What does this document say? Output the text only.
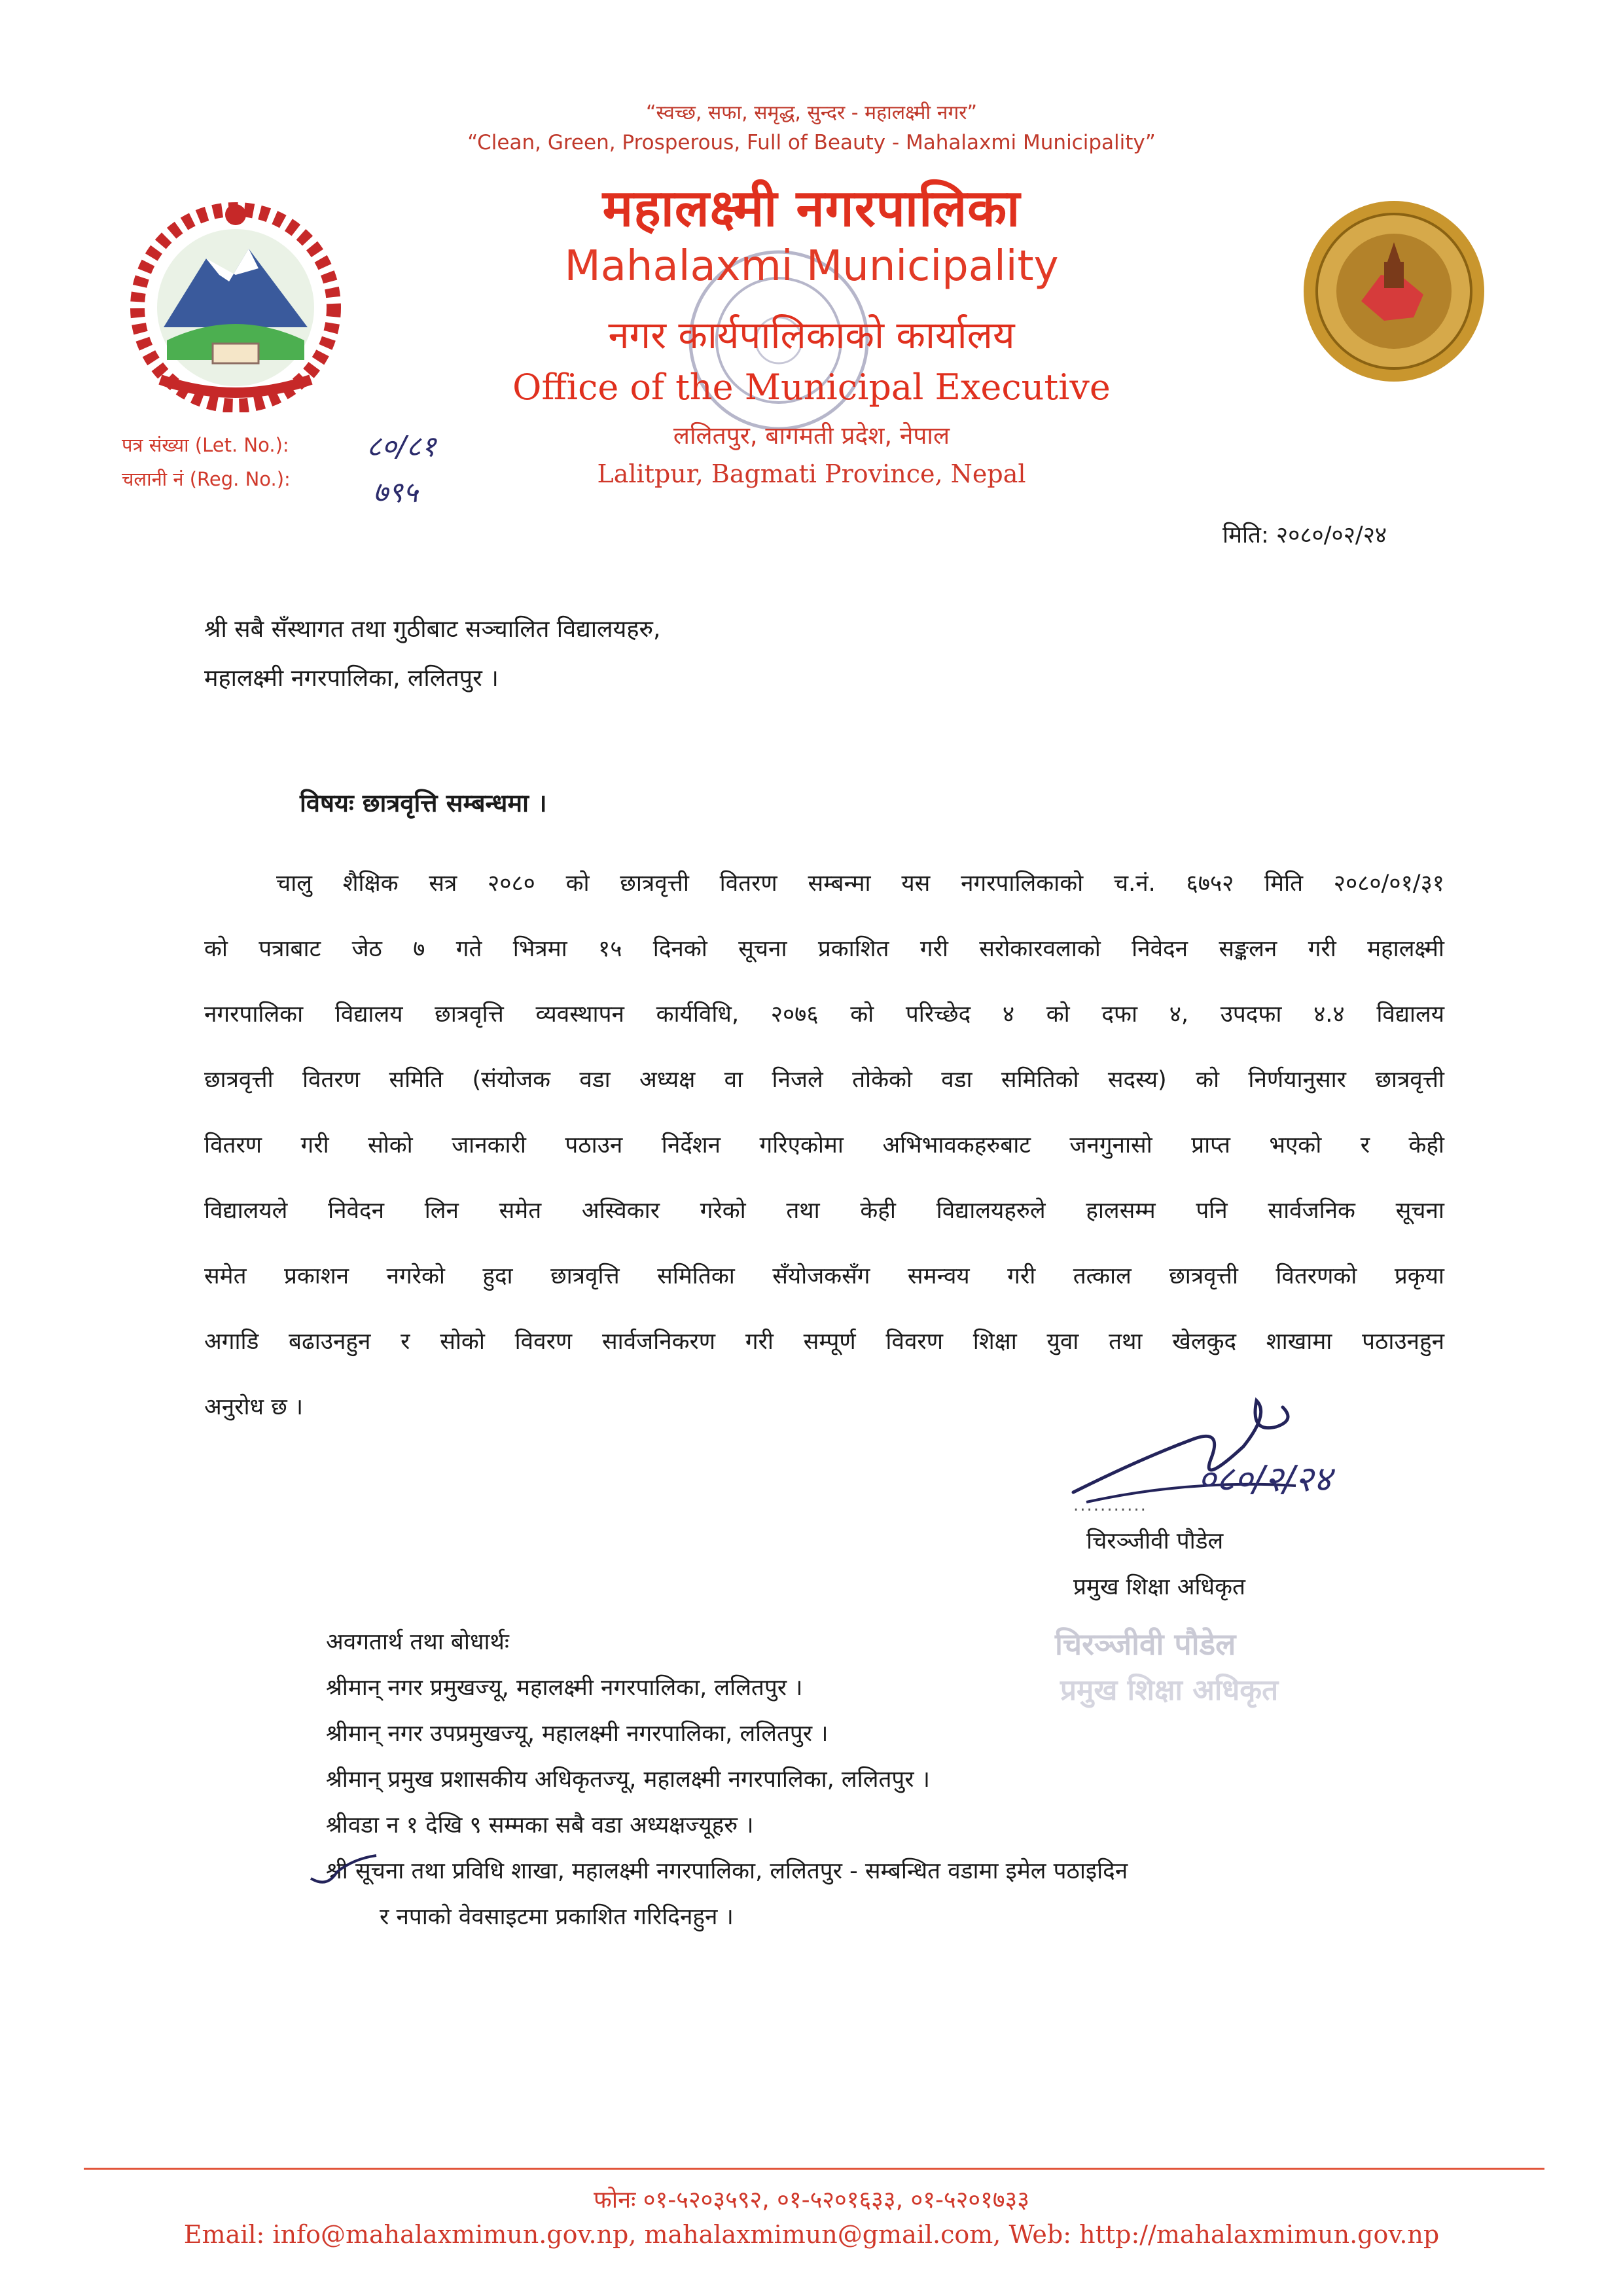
“स्वच्छ, सफा, समृद्ध, सुन्दर - महालक्ष्मी नगर”
“Clean, Green, Prosperous, Full of Beauty - Mahalaxmi Municipality”
महालक्ष्मी नगरपालिका
Mahalaxmi Municipality
नगर कार्यपालिकाको कार्यालय
Office of the Municipal Executive
ललितपुर, बागमती प्रदेश, नेपाल
Lalitpur, Bagmati Province, Nepal
पत्र संख्या (Let. No.):
चलानी नं (Reg. No.):
८०/८१
७९५
मिति: २०८०/०२/२४
श्री सबै सँस्थागत तथा गुठीबाट सञ्चालित विद्यालयहरु,
महालक्ष्मी नगरपालिका, ललितपुर ।
विषयः छात्रवृत्ति सम्बन्धमा ।
चालु शैक्षिक सत्र २०८० को छात्रवृत्ती वितरण सम्बन्मा यस नगरपालिकाको च.नं. ६७५२ मिति २०८०/०१/३१
को पत्राबाट जेठ ७ गते भित्रमा १५ दिनको सूचना प्रकाशित गरी सरोकारवलाको निवेदन सङ्कलन गरी महालक्ष्मी
नगरपालिका विद्यालय छात्रवृत्ति व्यवस्थापन कार्यविधि, २०७६ को परिच्छेद ४ को दफा ४, उपदफा ४.४ विद्यालय
छात्रवृत्ती वितरण समिति (संयोजक वडा अध्यक्ष वा निजले तोकेको वडा समितिको सदस्य) को निर्णयानुसार छात्रवृत्ती
वितरण गरी सोको जानकारी पठाउन निर्देशन गरिएकोमा अभिभावकहरुबाट जनगुनासो प्राप्त भएको र केही
विद्यालयले निवेदन लिन समेत अस्विकार गरेको तथा केही विद्यालयहरुले हालसम्म पनि सार्वजनिक सूचना
समेत प्रकाशन नगरेको हुदा छात्रवृत्ति समितिका सँयोजकसँग समन्वय गरी तत्काल छात्रवृत्ती वितरणको प्रकृया
अगाडि बढाउनहुन र सोको विवरण सार्वजनिकरण गरी सम्पूर्ण विवरण शिक्षा युवा तथा खेलकुद शाखामा पठाउनहुन
अनुरोध छ ।
०८०/२/२४
...........
चिरञ्जीवी पौडेल
प्रमुख शिक्षा अधिकृत
चिरञ्जीवी पौडेल
प्रमुख शिक्षा अधिकृत
अवगतार्थ तथा बोधार्थः
श्रीमान् नगर प्रमुखज्यू, महालक्ष्मी नगरपालिका, ललितपुर ।
श्रीमान् नगर उपप्रमुखज्यू, महालक्ष्मी नगरपालिका, ललितपुर ।
श्रीमान् प्रमुख प्रशासकीय अधिकृतज्यू, महालक्ष्मी नगरपालिका, ललितपुर ।
श्रीवडा न १ देखि ९ सम्मका सबै वडा अध्यक्षज्यूहरु ।
श्री सूचना तथा प्रविधि शाखा, महालक्ष्मी नगरपालिका, ललितपुर - सम्बन्धित वडामा इमेल पठाइदिन
र नपाको वेवसाइटमा प्रकाशित गरिदिनहुन ।
फोनः ०१-५२०३५९२, ०१-५२०१६३३, ०१-५२०१७३३
Email: info@mahalaxmimun.gov.np, mahalaxmimun@gmail.com, Web: http://mahalaxmimun.gov.np
